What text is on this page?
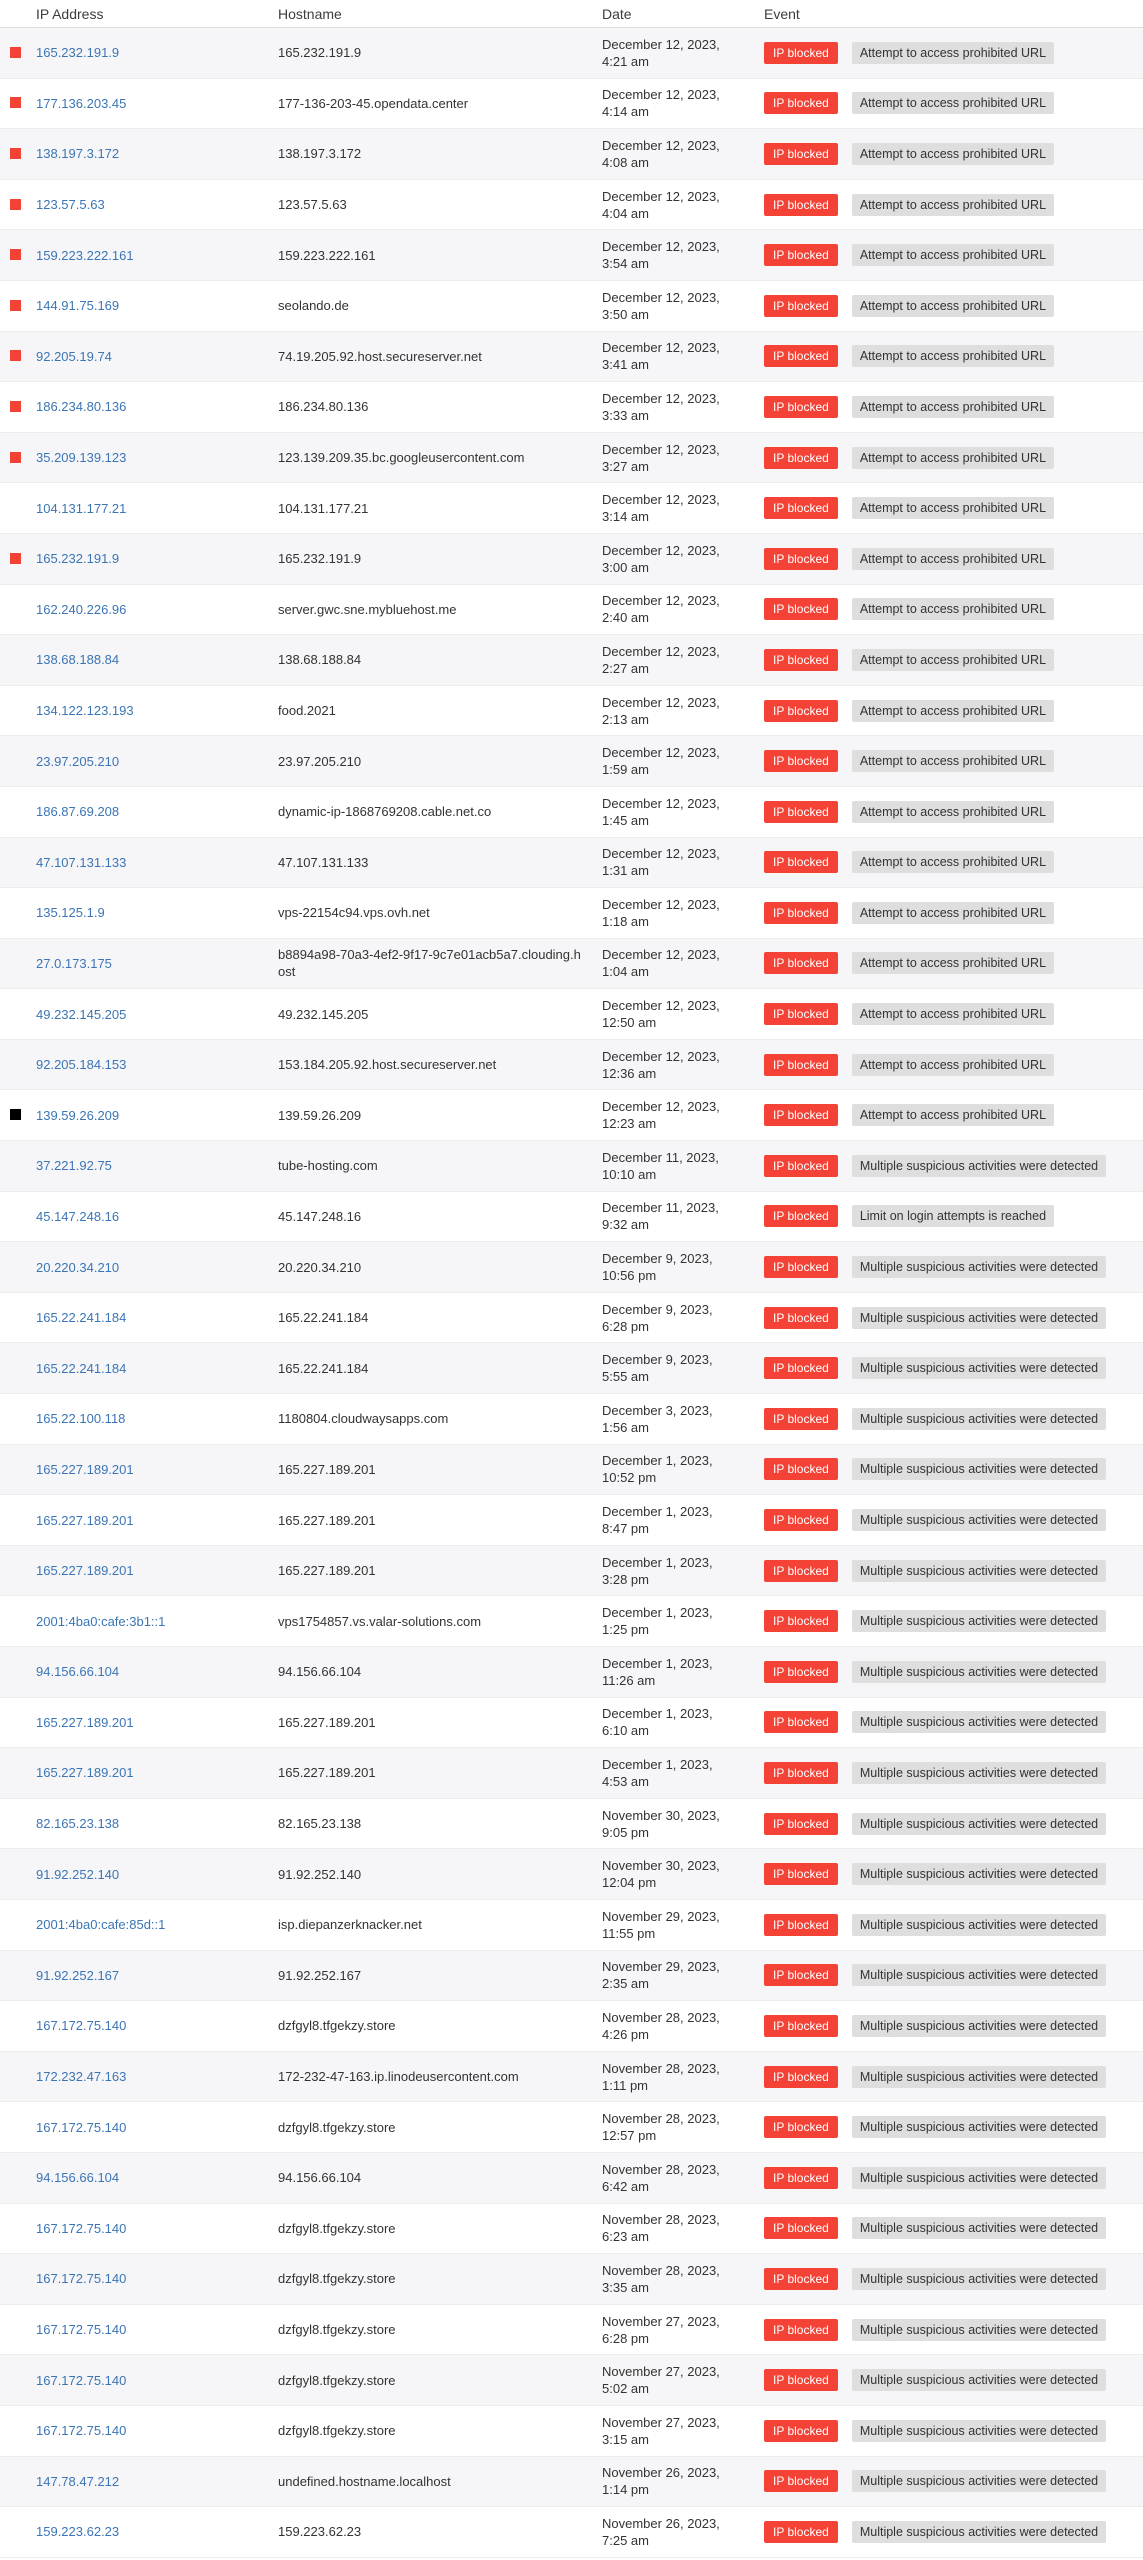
IP Address	Hostname	Date	Event
165.232.191.9	165.232.191.9
December 12, 2023,
4:21 am
IP blocked	Attempt to access prohibited URL
177.136.203.45	177-136-203-45.opendata.center
December 12, 2023,
4:14 am
IP blocked	Attempt to access prohibited URL
138.197.3.172	138.197.3.172
December 12, 2023,
4:08 am
IP blocked	Attempt to access prohibited URL
123.57.5.63	123.57.5.63
December 12, 2023,
4:04 am
IP blocked	Attempt to access prohibited URL
159.223.222.161	159.223.222.161
December 12, 2023,
3:54 am
IP blocked	Attempt to access prohibited URL
144.91.75.169	seolando.de
December 12, 2023,
3:50 am
IP blocked	Attempt to access prohibited URL
92.205.19.74	74.19.205.92.host.secureserver.net
December 12, 2023,
3:41 am
IP blocked	Attempt to access prohibited URL
186.234.80.136	186.234.80.136
December 12, 2023,
3:33 am
IP blocked	Attempt to access prohibited URL
35.209.139.123	123.139.209.35.bc.googleusercontent.com
December 12, 2023,
3:27 am
IP blocked	Attempt to access prohibited URL
104.131.177.21	104.131.177.21
December 12, 2023,
3:14 am
IP blocked	Attempt to access prohibited URL
165.232.191.9	165.232.191.9
December 12, 2023,
3:00 am
IP blocked	Attempt to access prohibited URL
162.240.226.96	server.gwc.sne.mybluehost.me
December 12, 2023,
2:40 am
IP blocked	Attempt to access prohibited URL
138.68.188.84	138.68.188.84
December 12, 2023,
2:27 am
IP blocked	Attempt to access prohibited URL
134.122.123.193	food.2021
December 12, 2023,
2:13 am
IP blocked	Attempt to access prohibited URL
23.97.205.210	23.97.205.210
December 12, 2023,
1:59 am
IP blocked	Attempt to access prohibited URL
186.87.69.208	dynamic-ip-1868769208.cable.net.co
December 12, 2023,
1:45 am
IP blocked	Attempt to access prohibited URL
47.107.131.133	47.107.131.133
December 12, 2023,
1:31 am
IP blocked	Attempt to access prohibited URL
135.125.1.9	vps-22154c94.vps.ovh.net
December 12, 2023,
1:18 am
IP blocked	Attempt to access prohibited URL
27.0.173.175
b8894a98-70a3-4ef2-9f17-9c7e01acb5a7.clouding.host
December 12, 2023,
1:04 am
IP blocked	Attempt to access prohibited URL
49.232.145.205	49.232.145.205
December 12, 2023,
12:50 am
IP blocked	Attempt to access prohibited URL
92.205.184.153	153.184.205.92.host.secureserver.net
December 12, 2023,
12:36 am
IP blocked	Attempt to access prohibited URL
139.59.26.209	139.59.26.209
December 12, 2023,
12:23 am
IP blocked	Attempt to access prohibited URL
37.221.92.75	tube-hosting.com
December 11, 2023,
10:10 am
IP blocked	Multiple suspicious activities were detected
45.147.248.16	45.147.248.16
December 11, 2023,
9:32 am
IP blocked	Limit on login attempts is reached
20.220.34.210	20.220.34.210
December 9, 2023,
10:56 pm
IP blocked	Multiple suspicious activities were detected
165.22.241.184	165.22.241.184
December 9, 2023,
6:28 pm
IP blocked	Multiple suspicious activities were detected
165.22.241.184	165.22.241.184
December 9, 2023,
5:55 am
IP blocked	Multiple suspicious activities were detected
165.22.100.118	1180804.cloudwaysapps.com
December 3, 2023,
1:56 am
IP blocked	Multiple suspicious activities were detected
165.227.189.201	165.227.189.201
December 1, 2023,
10:52 pm
IP blocked	Multiple suspicious activities were detected
165.227.189.201	165.227.189.201
December 1, 2023,
8:47 pm
IP blocked	Multiple suspicious activities were detected
165.227.189.201	165.227.189.201
December 1, 2023,
3:28 pm
IP blocked	Multiple suspicious activities were detected
2001:4ba0:cafe:3b1::1	vps1754857.vs.valar-solutions.com
December 1, 2023,
1:25 pm
IP blocked	Multiple suspicious activities were detected
94.156.66.104	94.156.66.104
December 1, 2023,
11:26 am
IP blocked	Multiple suspicious activities were detected
165.227.189.201	165.227.189.201
December 1, 2023,
6:10 am
IP blocked	Multiple suspicious activities were detected
165.227.189.201	165.227.189.201
December 1, 2023,
4:53 am
IP blocked	Multiple suspicious activities were detected
82.165.23.138	82.165.23.138
November 30, 2023,
9:05 pm
IP blocked	Multiple suspicious activities were detected
91.92.252.140	91.92.252.140
November 30, 2023,
12:04 pm
IP blocked	Multiple suspicious activities were detected
2001:4ba0:cafe:85d::1	isp.diepanzerknacker.net
November 29, 2023,
11:55 pm
IP blocked	Multiple suspicious activities were detected
91.92.252.167	91.92.252.167
November 29, 2023,
2:35 am
IP blocked	Multiple suspicious activities were detected
167.172.75.140	dzfgyl8.tfgekzy.store
November 28, 2023,
4:26 pm
IP blocked	Multiple suspicious activities were detected
172.232.47.163	172-232-47-163.ip.linodeusercontent.com
November 28, 2023,
1:11 pm
IP blocked	Multiple suspicious activities were detected
167.172.75.140	dzfgyl8.tfgekzy.store
November 28, 2023,
12:57 pm
IP blocked	Multiple suspicious activities were detected
94.156.66.104	94.156.66.104
November 28, 2023,
6:42 am
IP blocked	Multiple suspicious activities were detected
167.172.75.140	dzfgyl8.tfgekzy.store
November 28, 2023,
6:23 am
IP blocked	Multiple suspicious activities were detected
167.172.75.140	dzfgyl8.tfgekzy.store
November 28, 2023,
3:35 am
IP blocked	Multiple suspicious activities were detected
167.172.75.140	dzfgyl8.tfgekzy.store
November 27, 2023,
6:28 pm
IP blocked	Multiple suspicious activities were detected
167.172.75.140	dzfgyl8.tfgekzy.store
November 27, 2023,
5:02 am
IP blocked	Multiple suspicious activities were detected
167.172.75.140	dzfgyl8.tfgekzy.store
November 27, 2023,
3:15 am
IP blocked	Multiple suspicious activities were detected
147.78.47.212	undefined.hostname.localhost
November 26, 2023,
1:14 pm
IP blocked	Multiple suspicious activities were detected
159.223.62.23	159.223.62.23
November 26, 2023,
7:25 am
IP blocked	Multiple suspicious activities were detected
